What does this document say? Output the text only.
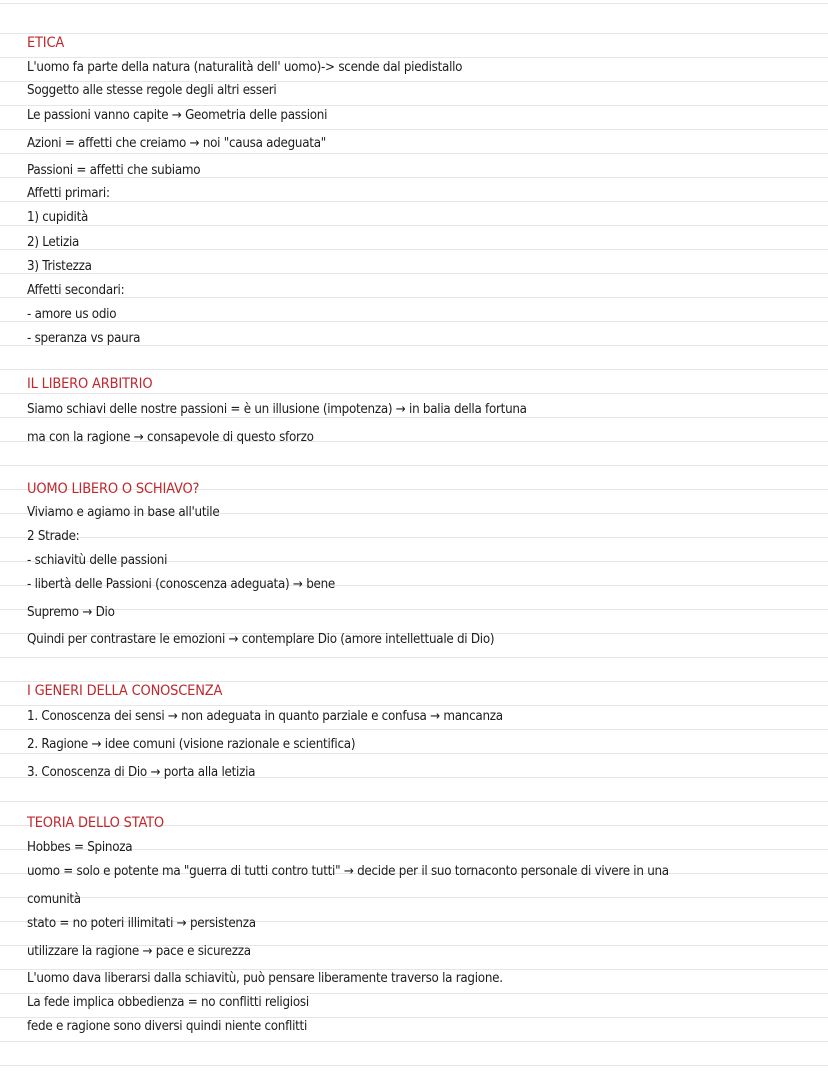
ETICA
L'uomo fa parte della natura (naturalità dell' uomo)-> scende dal piedistallo
Soggetto alle stesse regole degli altri esseri
Le passioni vanno capite → Geometria delle passioni
Azioni = affetti che creiamo → noi "causa adeguata"
Passioni = affetti che subiamo
Affetti primari:
1) cupidità
2) Letizia
3) Tristezza
Affetti secondari:
- amore us odio
- speranza vs paura
IL LIBERO ARBITRIO
Siamo schiavi delle nostre passioni = è un illusione (impotenza) → in balia della fortuna
ma con la ragione → consapevole di questo sforzo
UOMO LIBERO O SCHIAVO?
Viviamo e agiamo in base all'utile
2 Strade:
- schiavitù delle passioni
- libertà delle Passioni (conoscenza adeguata) → bene
Supremo → Dio
Quindi per contrastare le emozioni → contemplare Dio (amore intellettuale di Dio)
I GENERI DELLA CONOSCENZA
1. Conoscenza dei sensi → non adeguata in quanto parziale e confusa → mancanza
2. Ragione → idee comuni (visione razionale e scientifica)
3. Conoscenza di Dio → porta alla letizia
TEORIA DELLO STATO
Hobbes = Spinoza
uomo = solo e potente ma "guerra di tutti contro tutti" → decide per il suo tornaconto personale di vivere in una
comunità
stato = no poteri illimitati → persistenza
utilizzare la ragione → pace e sicurezza
L'uomo dava liberarsi dalla schiavitù, può pensare liberamente traverso la ragione.
La fede implica obbedienza = no conflitti religiosi
fede e ragione sono diversi quindi niente conflitti
